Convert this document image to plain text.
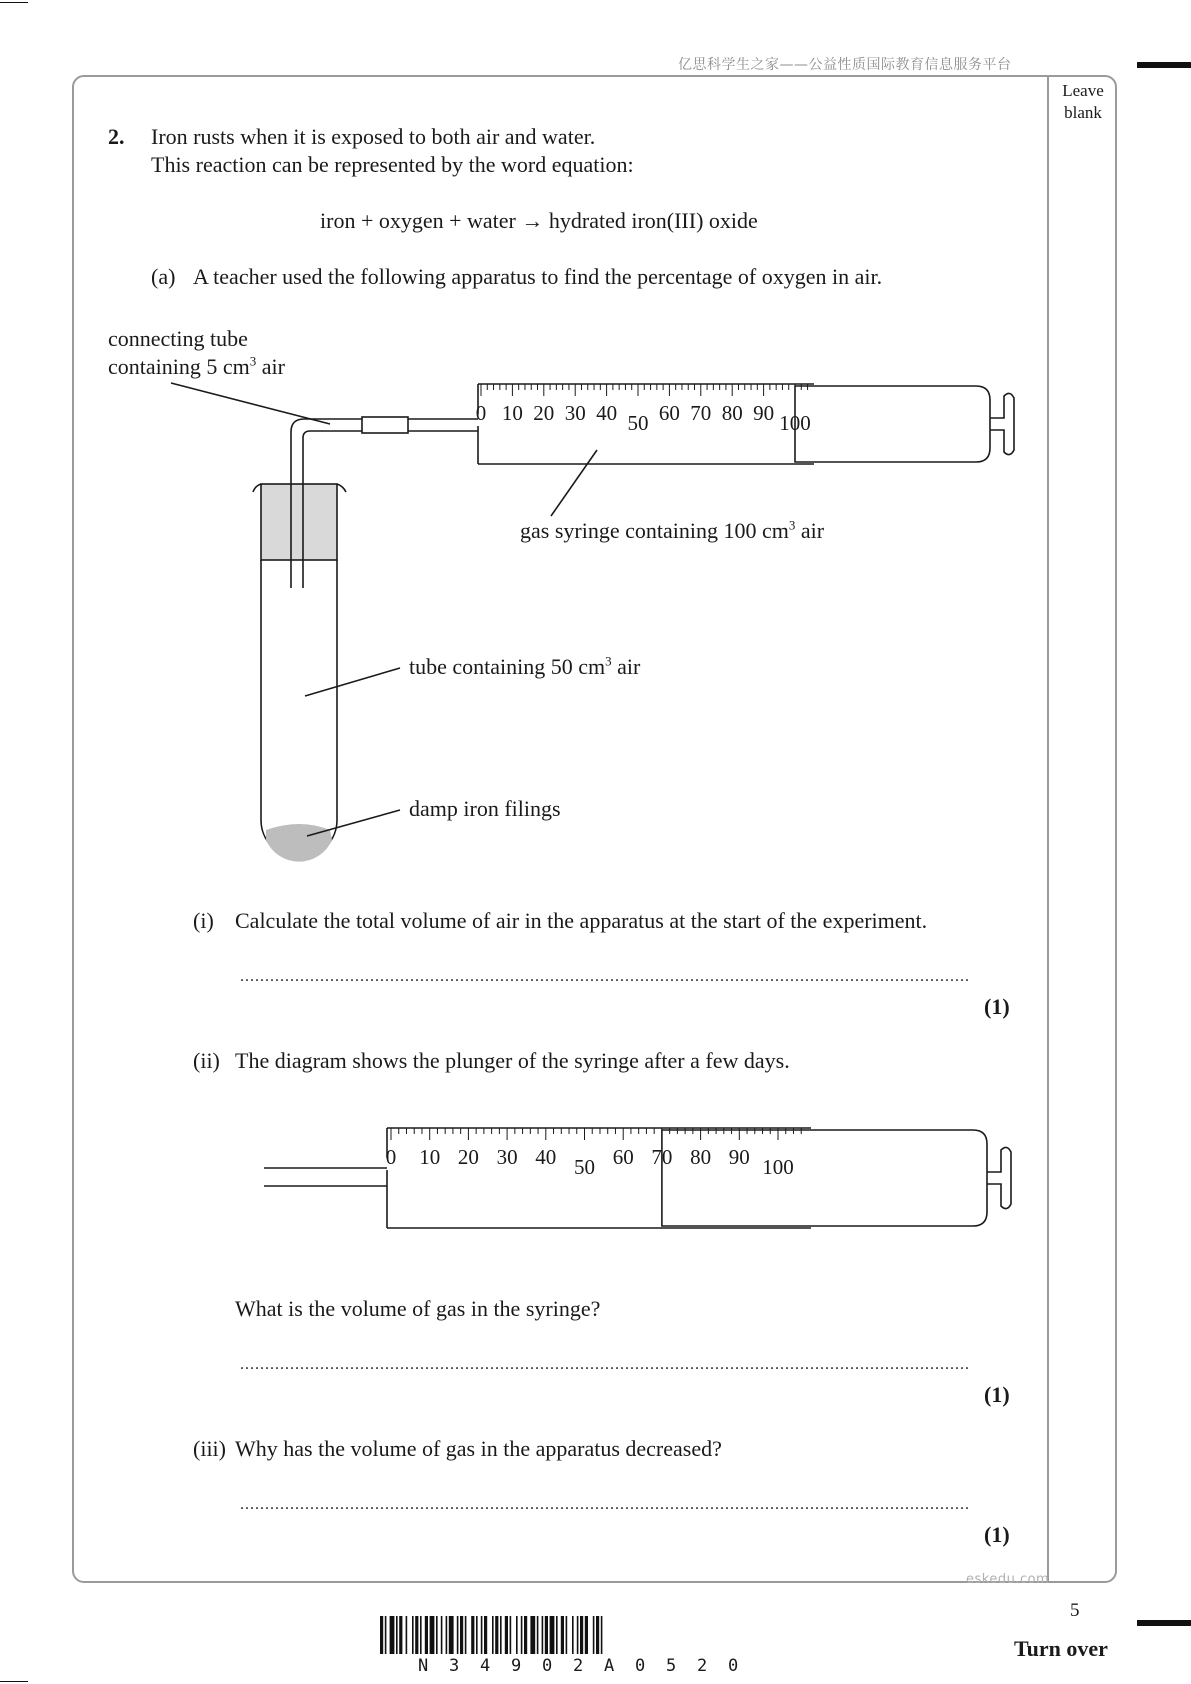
亿思科学生之家——公益性质国际教育信息服务平台
Leave
blank
2. Iron rusts when it is exposed to both air and water.
This reaction can be represented by the word equation:
iron + oxygen + water → hydrated iron(III) oxide
(a) A teacher used the following apparatus to find the percentage of oxygen in air.
connecting tube
containing 5 $cm^3$ air
gas syringe containing 100 $cm^3$ air
tube containing 50 $cm^3$ air
damp iron filings
0 10 20 30 40 50 60 70 80 90 100
0 10 20 30 40 50 60 70 80 90 100
(i) Calculate the total volume of air in the apparatus at the start of the experiment.
..................................................................................................................................................
(1)
(ii) The diagram shows the plunger of the syringe after a few days.
What is the volume of gas in the syringe?
..................................................................................................................................................
(1)
(iii) Why has the volume of gas in the apparatus decreased?
..................................................................................................................................................
(1)
eskedu.com
5
Turn over
N 3 4 9 0 2 A 0 5 2 0
